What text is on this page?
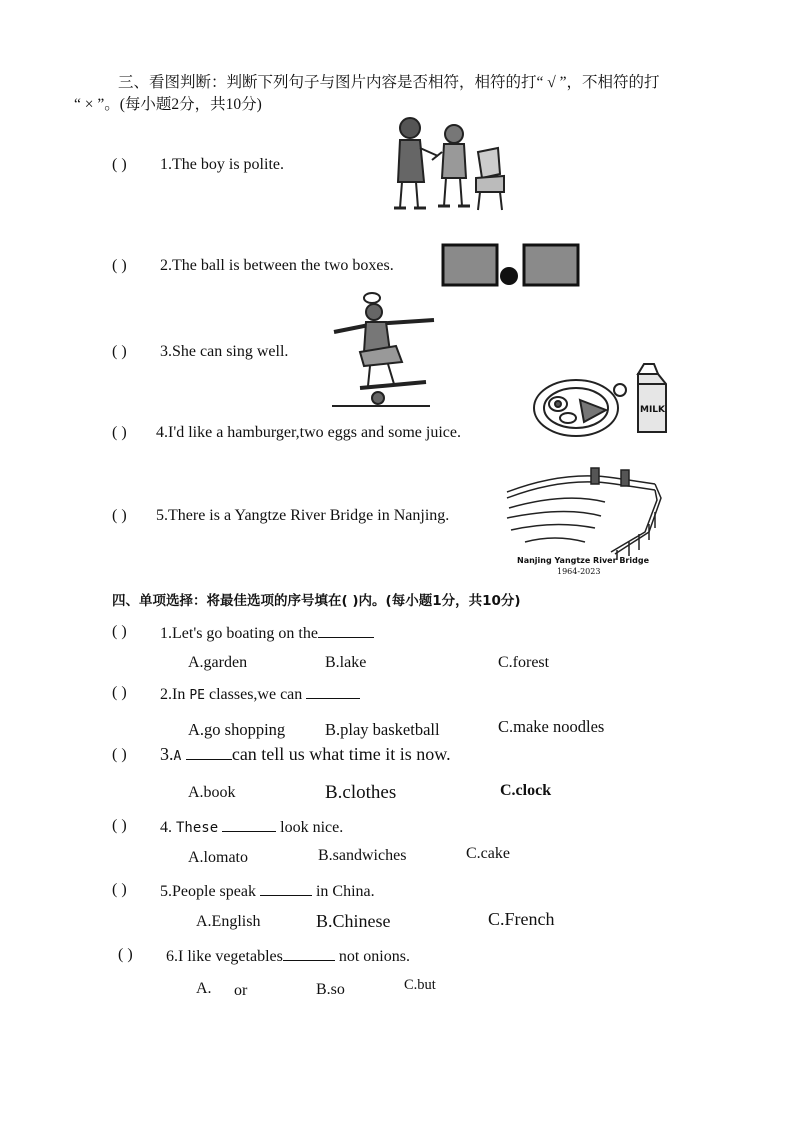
三、看图判断：判断下列句子与图片内容是否相符，相符的打“ √ ”，不相符的打
“ × ”。(每小题2分，共10分)
( ) 1.The boy is polite.
( ) 2.The ball is between the two boxes.
( ) 3.She can sing well.
( ) 4.I'd like a hamburger,two eggs and some juice.
MILK
( ) 5.There is a Yangtze River Bridge in Nanjing.
Nanjing Yangtze River Bridge
1964-2023
四、单项选择：将最佳选项的序号填在( )内。(每小题1分，共10分)
( ) 1.Let's go boating on the
A.garden	B.lake	C.forest
( ) 2.In PE classes,we can
A.go shopping B.play basketball	C.make noodles
( ) 3.A	can tell us what time it is now.
A.book	B.clothes	C.clock
( ) 4. These	look nice.
A.lomato	B.sandwiches	C.cake
( ) 5.People speak	in China.
A.English	B.Chinese	C.French
( ) 6.I like vegetables	not onions.
A. or	B.so	C.but
